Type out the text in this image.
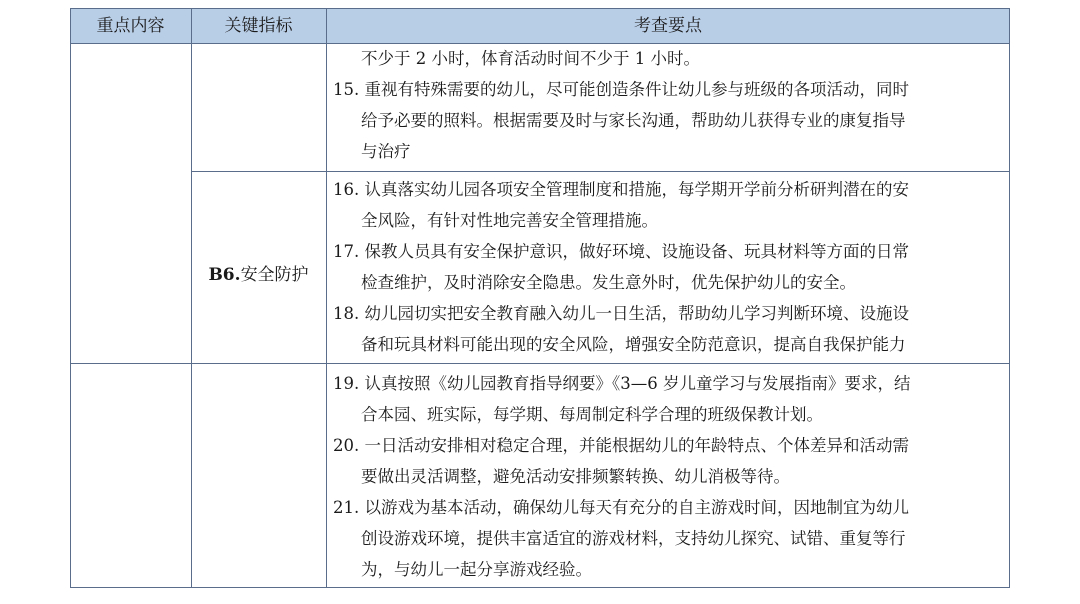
重点内容	关键指标	考查要点
不少于 2 小时，体育活动时间不少于 1 小时。
15. 重视有特殊需要的幼儿，尽可能创造条件让幼儿参与班级的各项活动，同时
给予必要的照料。根据需要及时与家长沟通，帮助幼儿获得专业的康复指导
与治疗
B6.安全防护
16. 认真落实幼儿园各项安全管理制度和措施，每学期开学前分析研判潜在的安
全风险，有针对性地完善安全管理措施。
17. 保教人员具有安全保护意识，做好环境、设施设备、玩具材料等方面的日常
检查维护，及时消除安全隐患。发生意外时，优先保护幼儿的安全。
18. 幼儿园切实把安全教育融入幼儿一日生活，帮助幼儿学习判断环境、设施设
备和玩具材料可能出现的安全风险，增强安全防范意识，提高自我保护能力
19. 认真按照《幼儿园教育指导纲要》《3—6 岁儿童学习与发展指南》要求，结
合本园、班实际，每学期、每周制定科学合理的班级保教计划。
20. 一日活动安排相对稳定合理，并能根据幼儿的年龄特点、个体差异和活动需
要做出灵活调整，避免活动安排频繁转换、幼儿消极等待。
21. 以游戏为基本活动，确保幼儿每天有充分的自主游戏时间，因地制宜为幼儿
创设游戏环境，提供丰富适宜的游戏材料，支持幼儿探究、试错、重复等行
为，与幼儿一起分享游戏经验。
